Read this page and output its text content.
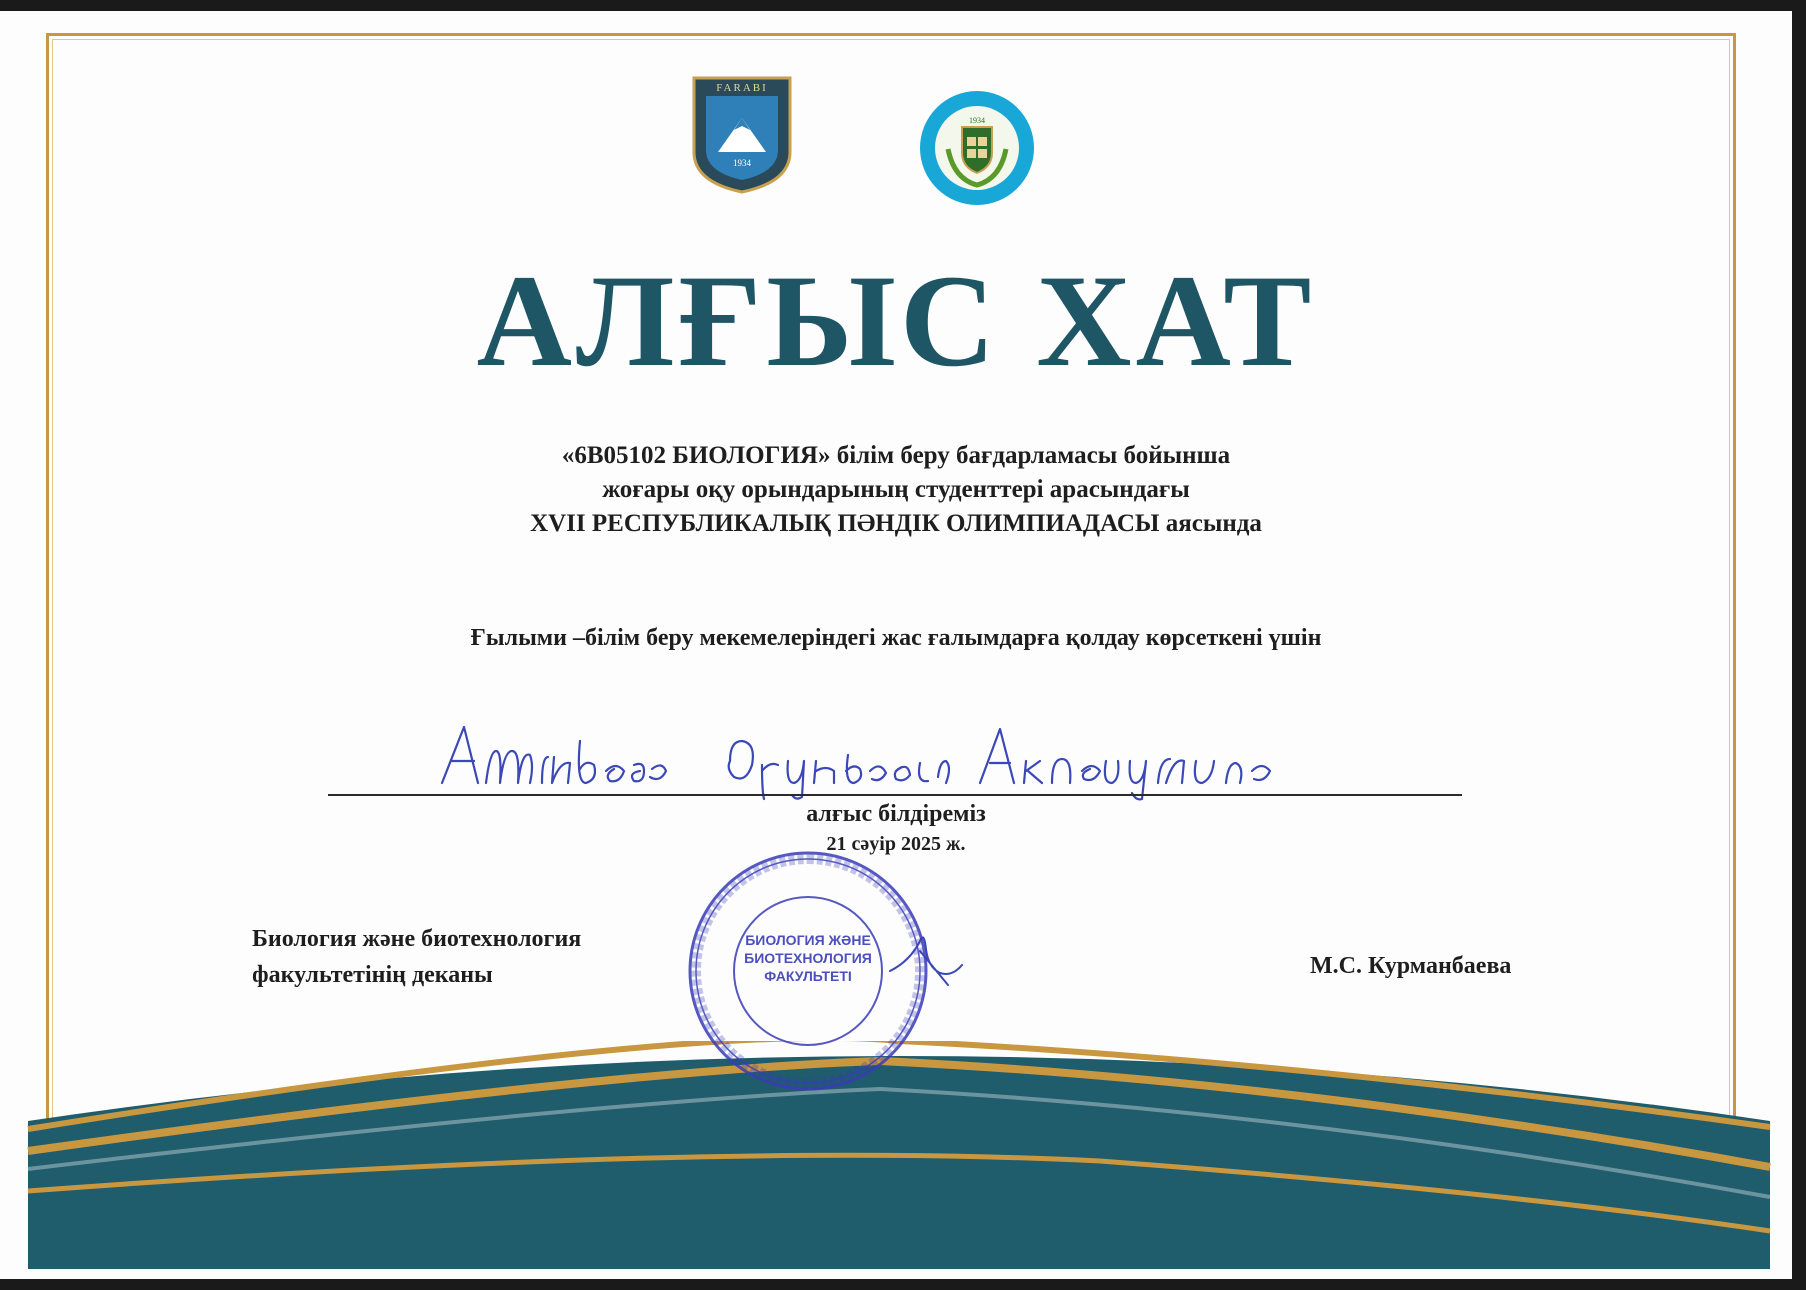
FARABI
1934
1934
АЛҒЫС ХАТ
«6В05102 БИОЛОГИЯ» білім беру бағдарламасы бойынша
жоғары оқу орындарының студенттері арасындағы
XVII РЕСПУБЛИКАЛЫҚ ПӘНДІК ОЛИМПИАДАСЫ аясында
Ғылыми –білім беру мекемелеріндегі жас ғалымдарға қолдау көрсеткені үшін
алғыс білдіреміз
21 сәуір 2025 ж.
Биология және биотехнология
факультетінің деканы	М.С. Курманбаева
БИОЛОГИЯ ЖӘНЕ БИОТЕХНОЛОГИЯ ФАКУЛЬТЕТІ
